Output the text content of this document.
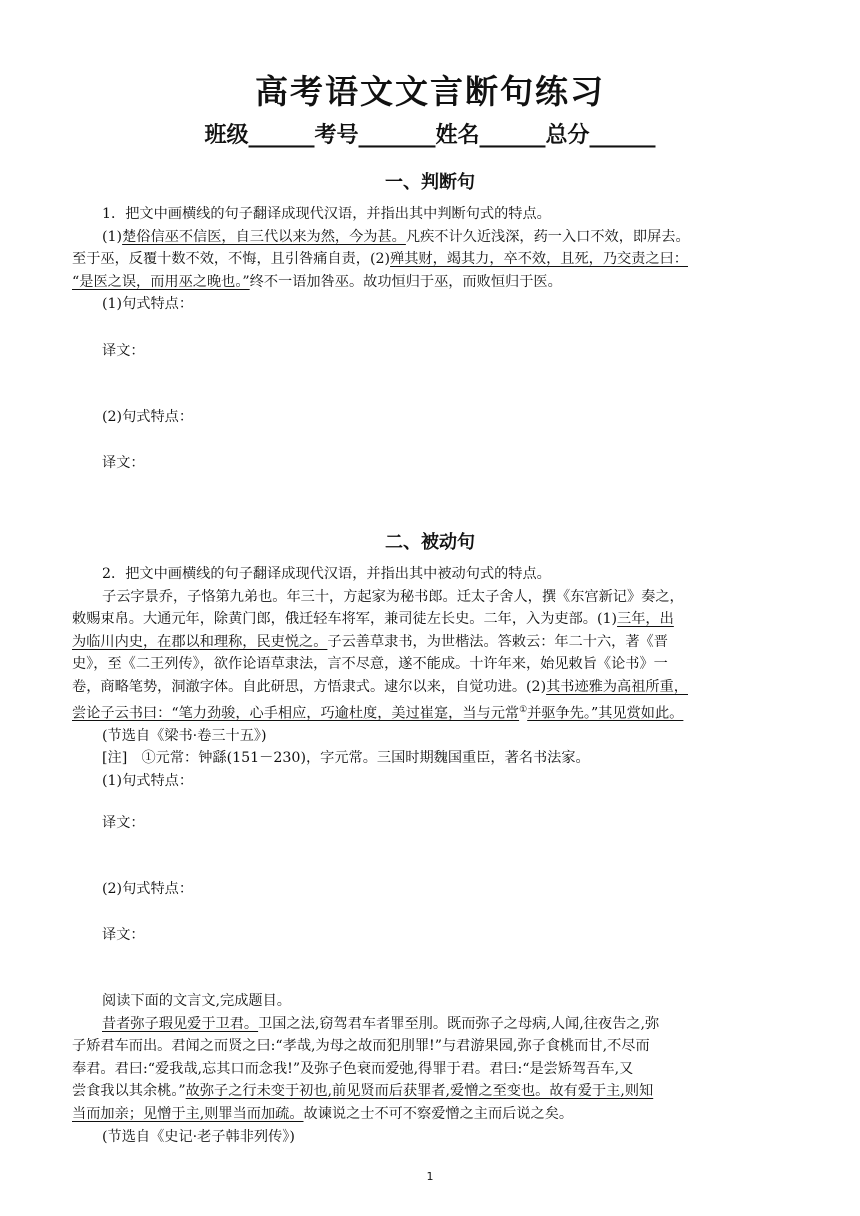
高考语文文言断句练习
班级______考号_______姓名______总分______
一、判断句
1．把文中画横线的句子翻译成现代汉语，并指出其中判断句式的特点。
(1)楚俗信巫不信医，自三代以来为然，今为甚。凡疾不计久近浅深，药一入口不效，即屏去。
至于巫，反覆十数不效，不悔，且引咎痛自责，(2)殚其财，竭其力，卒不效，且死，乃交责之曰：
“是医之误，而用巫之晚也。”终不一语加咎巫。故功恒归于巫，而败恒归于医。
(1)句式特点：
译文：
(2)句式特点：
译文：
二、被动句
2．把文中画横线的句子翻译成现代汉语，并指出其中被动句式的特点。
子云字景乔，子恪第九弟也。年三十，方起家为秘书郎。迁太子舍人，撰《东宫新记》奏之，
敕赐束帛。大通元年，除黄门郎，俄迁轻车将军，兼司徒左长史。二年，入为吏部。(1)三年，出
为临川内史，在郡以和理称，民吏悦之。子云善草隶书，为世楷法。答敕云：年二十六，著《晋
史》，至《二王列传》，欲作论语草隶法，言不尽意，遂不能成。十许年来，始见敕旨《论书》一
卷，商略笔势，洞澈字体。自此研思，方悟隶式。逮尔以来，自觉功进。(2)其书迹雅为高祖所重，
尝论子云书曰：“笔力劲骏，心手相应，巧逾杜度，美过崔寔，当与元常①并驱争先。”其见赏如此。
(节选自《梁书·卷三十五》)
[注]　①元常：钟繇(151－230)，字元常。三国时期魏国重臣，著名书法家。
(1)句式特点：
译文：
(2)句式特点：
译文：
阅读下面的文言文,完成题目。
昔者弥子瑕见爱于卫君。卫国之法,窃驾君车者罪至刖。既而弥子之母病,人闻,往夜告之,弥
子矫君车而出。君闻之而贤之曰:“孝哉,为母之故而犯刖罪!”与君游果园,弥子食桃而甘,不尽而
奉君。君曰:“爱我哉,忘其口而念我!”及弥子色衰而爱弛,得罪于君。君曰:“是尝矫驾吾车,又
尝食我以其余桃。”故弥子之行未变于初也,前见贤而后获罪者,爱憎之至变也。故有爱于主,则知
当而加亲；见憎于主,则罪当而加疏。故谏说之士不可不察爱憎之主而后说之矣。
(节选自《史记·老子韩非列传》)
1
